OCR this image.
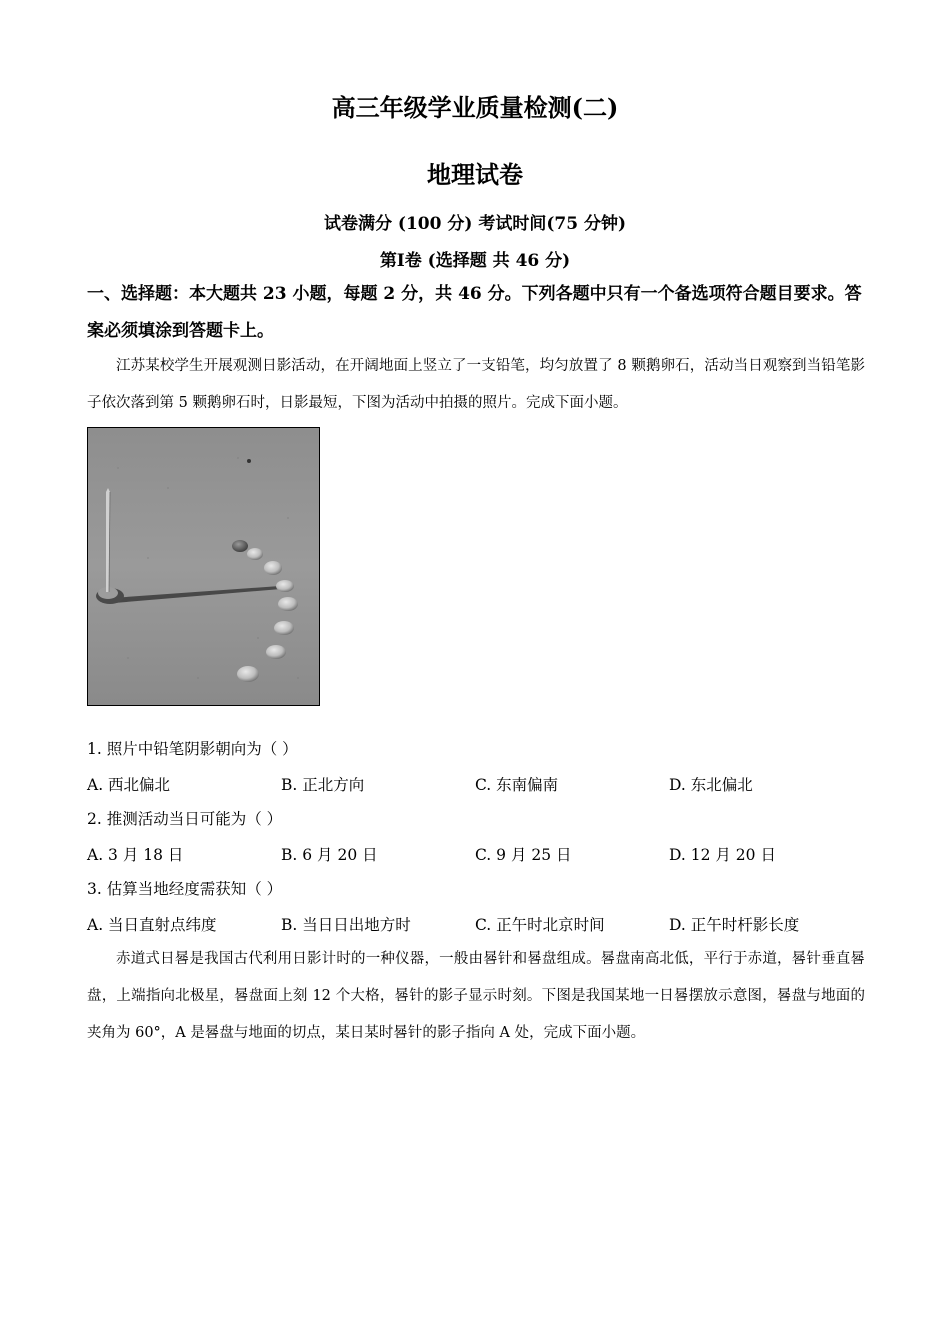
高三年级学业质量检测(二)
地理试卷
试卷满分 (100 分) 考试时间(75 分钟)
第Ⅰ卷 (选择题 共 46 分)
一、选择题：本大题共 23 小题，每题 2 分，共 46 分。下列各题中只有一个备选项符合题目要求。答案必须填涂到答题卡上。
江苏某校学生开展观测日影活动，在开阔地面上竖立了一支铅笔，均匀放置了 8 颗鹅卵石，活动当日观察到当铅笔影子依次落到第 5 颗鹅卵石时，日影最短，下图为活动中拍摄的照片。完成下面小题。
1. 照片中铅笔阴影朝向为（ ）
A. 西北偏北	B. 正北方向	C. 东南偏南	D. 东北偏北
2. 推测活动当日可能为（ ）
A. 3 月 18 日	B. 6 月 20 日	C. 9 月 25 日	D. 12 月 20 日
3. 估算当地经度需获知（ ）
A. 当日直射点纬度	B. 当日日出地方时	C. 正午时北京时间	D. 正午时杆影长度
赤道式日晷是我国古代利用日影计时的一种仪器，一般由晷针和晷盘组成。晷盘南高北低，平行于赤道，晷针垂直晷盘，上端指向北极星，晷盘面上刻 12 个大格，晷针的影子显示时刻。下图是我国某地一日晷摆放示意图，晷盘与地面的夹角为 60°，A 是晷盘与地面的切点，某日某时晷针的影子指向 A 处，完成下面小题。
